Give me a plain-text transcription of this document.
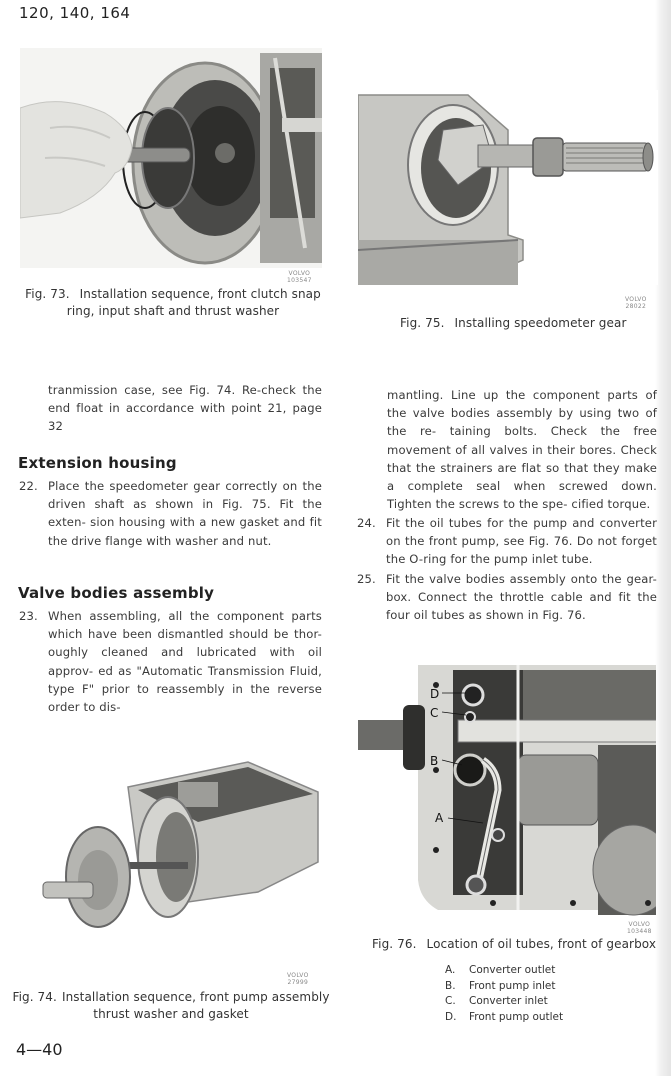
120, 140, 164
VOLVO
103547
Fig. 73. Installation sequence, front clutch snap
ring, input shaft and thrust washer
VOLVO
28022
Fig. 75. Installing speedometer gear
tranmission case, see Fig. 74. Re-check the end float in accordance with point 21, page 32
Extension housing
22. Place the speedometer gear correctly on the driven shaft as shown in Fig. 75. Fit the exten- sion housing with a new gasket and fit the drive flange with washer and nut.
Valve bodies assembly
23. When assembling, all the component parts which have been dismantled should be thor- oughly cleaned and lubricated with oil approv- ed as "Automatic Transmission Fluid, type F" prior to reassembly in the reverse order to dis-
mantling. Line up the component parts of the valve bodies assembly by using two of the re- taining bolts. Check the free movement of all valves in their bores. Check that the strainers are flat so that they make a complete seal when screwed down. Tighten the screws to the spe- cified torque.
24. Fit the oil tubes for the pump and converter on the front pump, see Fig. 76. Do not forget the O-ring for the pump inlet tube.
25. Fit the valve bodies assembly onto the gear- box. Connect the throttle cable and fit the four oil tubes as shown in Fig. 76.
D
C
B
A
VOLVO
103448
Fig. 76. Location of oil tubes, front of gearbox
A.	Converter outlet
B.	Front pump inlet
C.	Converter inlet
D.	Front pump outlet
VOLVO
27999
Fig. 74. Installation sequence, front pump assembly
thrust washer and gasket
4—40
